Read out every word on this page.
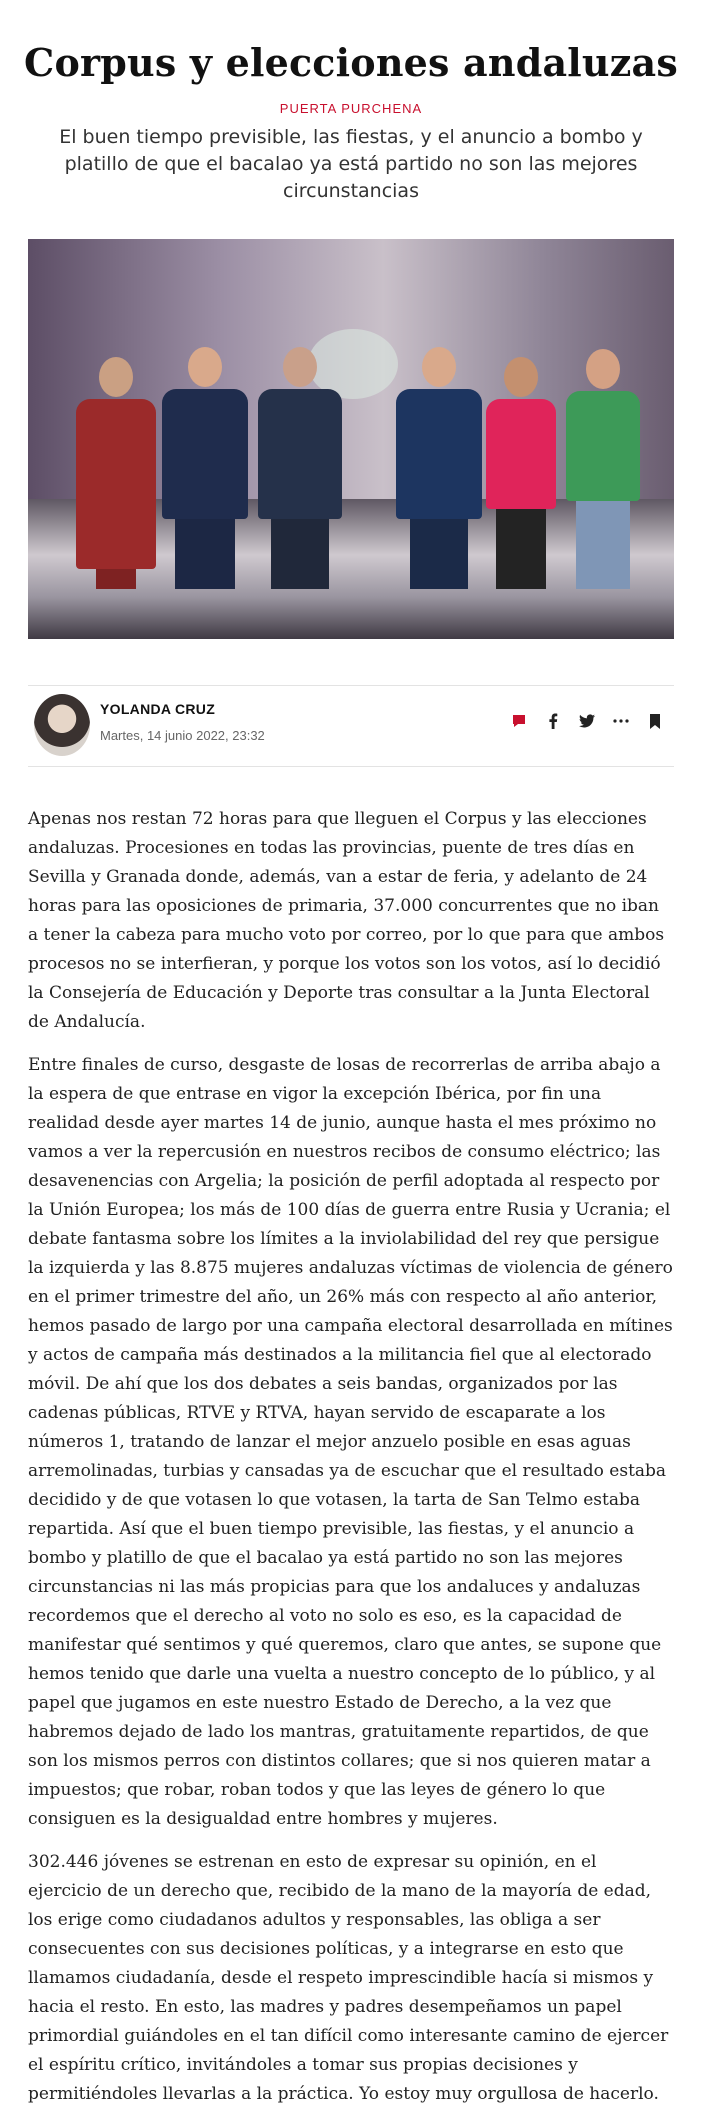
Corpus y elecciones andaluzas
PUERTA PURCHENA
El buen tiempo previsible, las fiestas, y el anuncio a bombo y platillo de que el bacalao ya está partido no son las mejores circunstancias

YOLANDA CRUZ

Martes, 14 junio 2022, 23:32

Apenas nos restan 72 horas para que lleguen el Corpus y las elecciones andaluzas. Procesiones en todas las provincias, puente de tres días en Sevilla y Granada donde, además, van a estar de feria, y adelanto de 24 horas para las oposiciones de primaria, 37.000 concurrentes que no iban a tener la cabeza para mucho voto por correo, por lo que para que ambos procesos no se interfieran, y porque los votos son los votos, así lo decidió la Consejería de Educación y Deporte tras consultar a la Junta Electoral de Andalucía.

Entre finales de curso, desgaste de losas de recorrerlas de arriba abajo a la espera de que entrase en vigor la excepción Ibérica, por fin una realidad desde ayer martes 14 de junio, aunque hasta el mes próximo no vamos a ver la repercusión en nuestros recibos de consumo eléctrico; las desavenencias con Argelia; la posición de perfil adoptada al respecto por la Unión Europea; los más de 100 días de guerra entre Rusia y Ucrania; el debate fantasma sobre los límites a la inviolabilidad del rey que persigue la izquierda y las 8.875 mujeres andaluzas víctimas de violencia de género en el primer trimestre del año, un 26% más con respecto al año anterior, hemos pasado de largo por una campaña electoral desarrollada en mítines y actos de campaña más destinados a la militancia fiel que al electorado móvil. De ahí que los dos debates a seis bandas, organizados por las cadenas públicas, RTVE y RTVA, hayan servido de escaparate a los números 1, tratando de lanzar el mejor anzuelo posible en esas aguas arremolinadas, turbias y cansadas ya de escuchar que el resultado estaba decidido y de que votasen lo que votasen, la tarta de San Telmo estaba repartida. Así que el buen tiempo previsible, las fiestas, y el anuncio a bombo y platillo de que el bacalao ya está partido no son las mejores circunstancias ni las más propicias para que los andaluces y andaluzas recordemos que el derecho al voto no solo es eso, es la capacidad de manifestar qué sentimos y qué queremos, claro que antes, se supone que hemos tenido que darle una vuelta a nuestro concepto de lo público, y al papel que jugamos en este nuestro Estado de Derecho, a la vez que habremos dejado de lado los mantras, gratuitamente repartidos, de que son los mismos perros con distintos collares; que si nos quieren matar a impuestos; que robar, roban todos y que las leyes de género lo que consiguen es la desigualdad entre hombres y mujeres.

302.446 jóvenes se estrenan en esto de expresar su opinión, en el ejercicio de un derecho que, recibido de la mano de la mayoría de edad, los erige como ciudadanos adultos y responsables, las obliga a ser consecuentes con sus decisiones políticas, y a integrarse en esto que llamamos ciudadanía, desde el respeto imprescindible hacía si mismos y hacia el resto. En esto, las madres y padres desempeñamos un papel primordial guiándoles en el tan difícil como interesante camino de ejercer el espíritu crítico, invitándoles a tomar sus propias decisiones y permitiéndoles llevarlas a la práctica. Yo estoy muy orgullosa de hacerlo.
